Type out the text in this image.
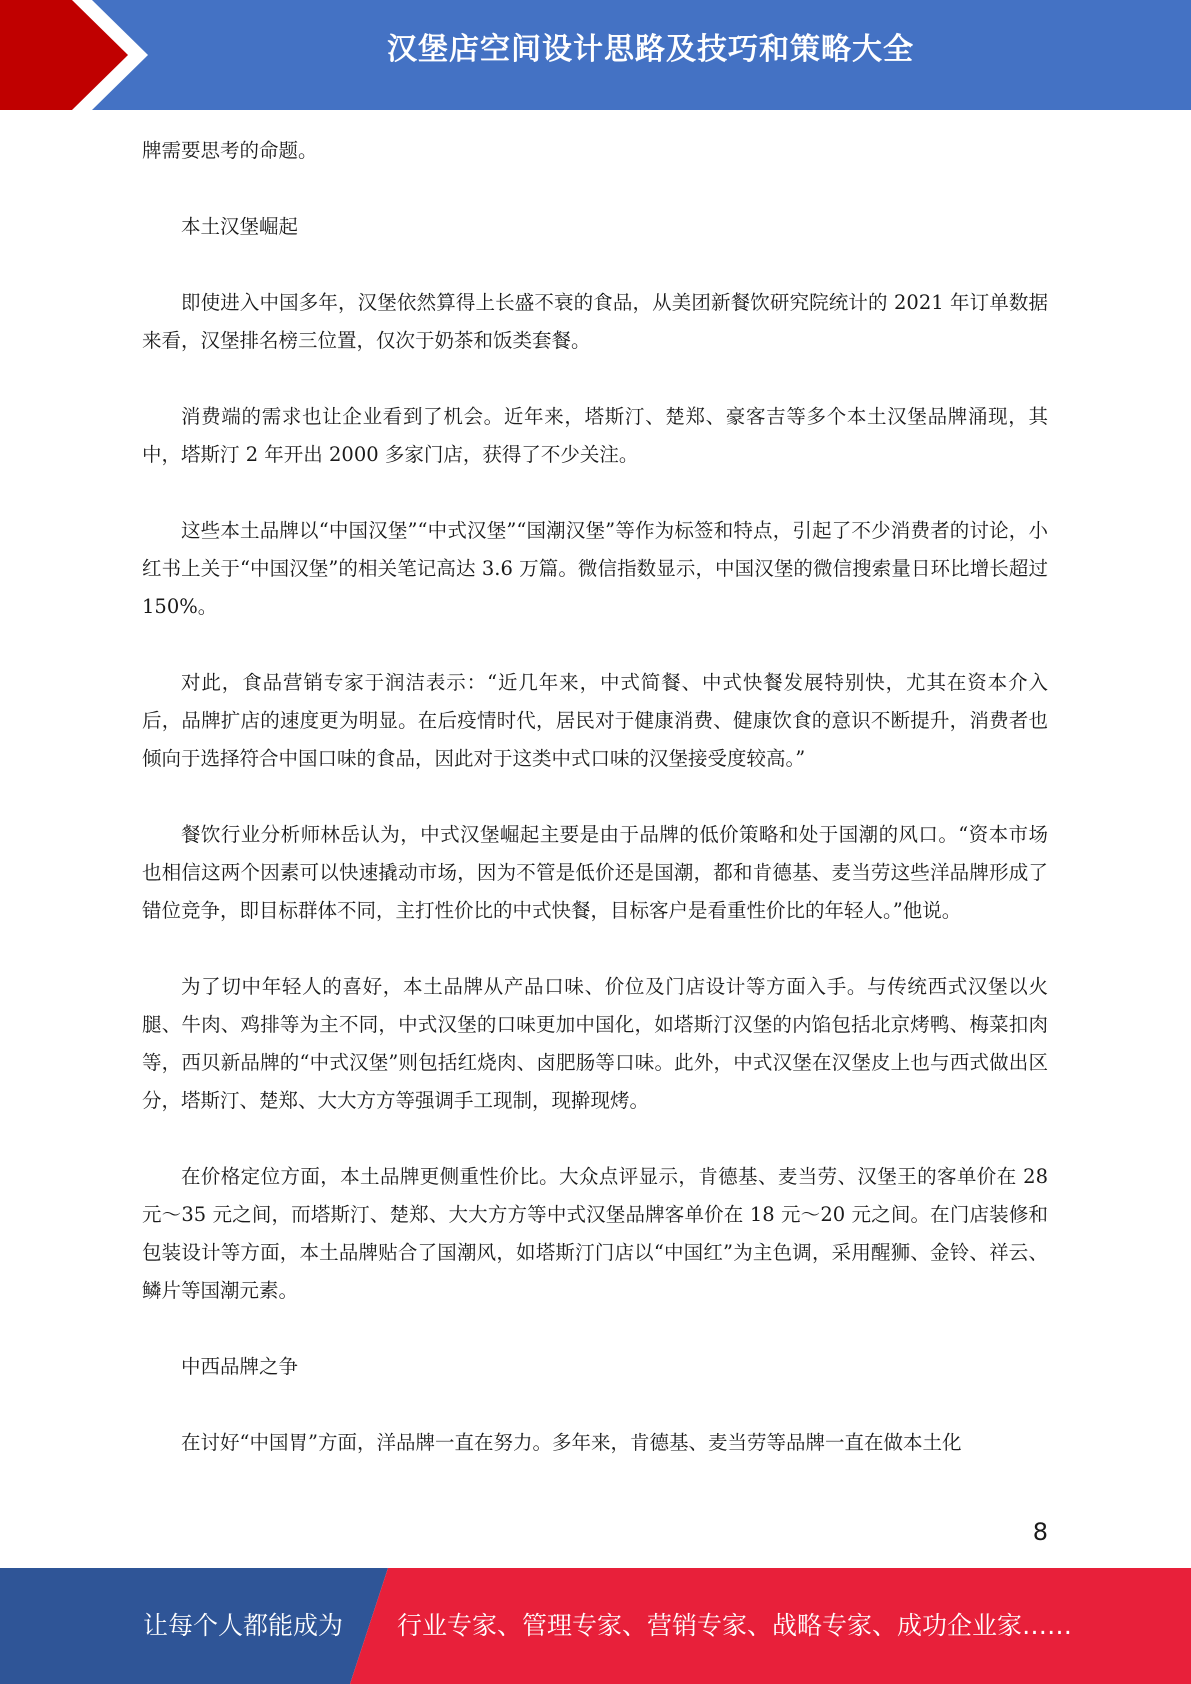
汉堡店空间设计思路及技巧和策略大全

牌需要思考的命题。

本土汉堡崛起

即使进入中国多年，汉堡依然算得上长盛不衰的食品，从美团新餐饮研究院统计的 2021 年订单数据来看，汉堡排名榜三位置，仅次于奶茶和饭类套餐。

消费端的需求也让企业看到了机会。近年来，塔斯汀、楚郑、豪客吉等多个本土汉堡品牌涌现，其中，塔斯汀 2 年开出 2000 多家门店，获得了不少关注。

这些本土品牌以“中国汉堡”“中式汉堡”“国潮汉堡”等作为标签和特点，引起了不少消费者的讨论，小红书上关于“中国汉堡”的相关笔记高达 3.6 万篇。微信指数显示，中国汉堡的微信搜索量日环比增长超过 150%。

对此，食品营销专家于润洁表示：“近几年来，中式简餐、中式快餐发展特别快，尤其在资本介入后，品牌扩店的速度更为明显。在后疫情时代，居民对于健康消费、健康饮食的意识不断提升，消费者也倾向于选择符合中国口味的食品，因此对于这类中式口味的汉堡接受度较高。”

餐饮行业分析师林岳认为，中式汉堡崛起主要是由于品牌的低价策略和处于国潮的风口。“资本市场也相信这两个因素可以快速撬动市场，因为不管是低价还是国潮，都和肯德基、麦当劳这些洋品牌形成了错位竞争，即目标群体不同，主打性价比的中式快餐，目标客户是看重性价比的年轻人。”他说。

为了切中年轻人的喜好，本土品牌从产品口味、价位及门店设计等方面入手。与传统西式汉堡以火腿、牛肉、鸡排等为主不同，中式汉堡的口味更加中国化，如塔斯汀汉堡的内馅包括北京烤鸭、梅菜扣肉等，西贝新品牌的“中式汉堡”则包括红烧肉、卤肥肠等口味。此外，中式汉堡在汉堡皮上也与西式做出区分，塔斯汀、楚郑、大大方方等强调手工现制，现擀现烤。

在价格定位方面，本土品牌更侧重性价比。大众点评显示，肯德基、麦当劳、汉堡王的客单价在 28 元～35 元之间，而塔斯汀、楚郑、大大方方等中式汉堡品牌客单价在 18 元～20 元之间。在门店装修和包装设计等方面，本土品牌贴合了国潮风，如塔斯汀门店以“中国红”为主色调，采用醒狮、金铃、祥云、鳞片等国潮元素。

中西品牌之争

在讨好“中国胃”方面，洋品牌一直在努力。多年来，肯德基、麦当劳等品牌一直在做本土化

8
让每个人都能成为 行业专家、管理专家、营销专家、战略专家、成功企业家……
